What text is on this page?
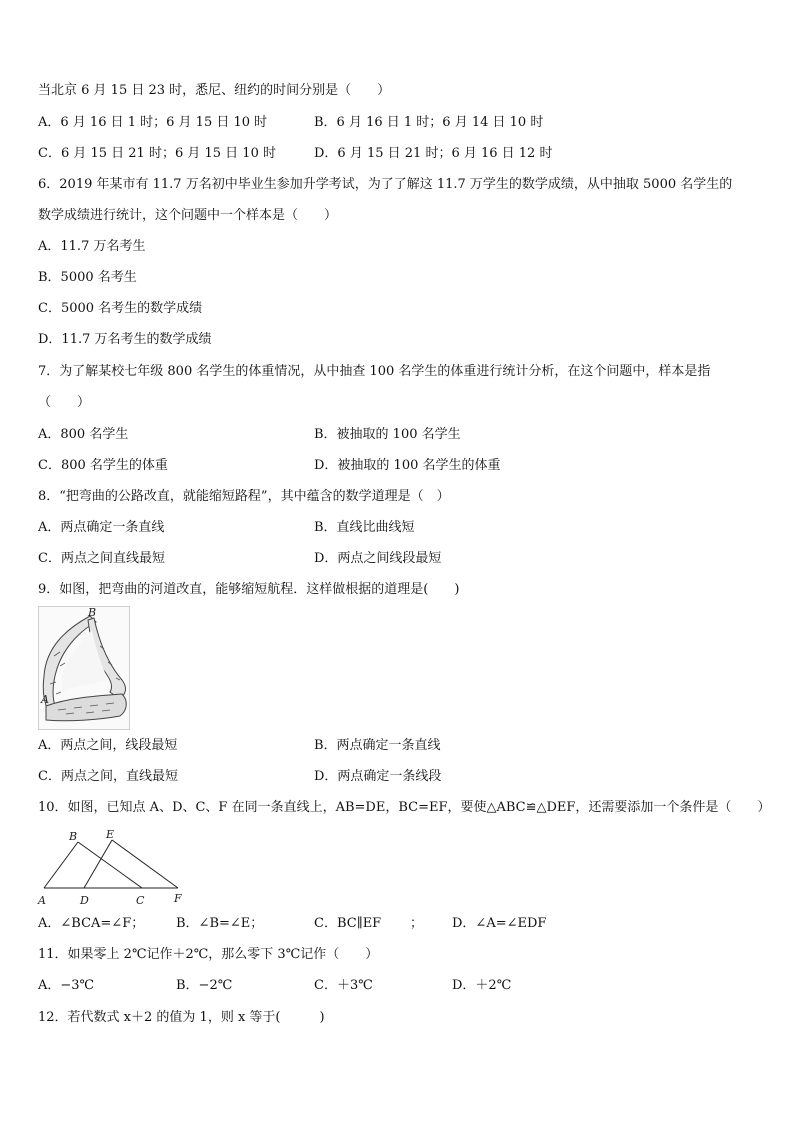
当北京 6 月 15 日 23 时，悉尼、纽约的时间分别是（　　）
A．6 月 16 日 1 时；6 月 15 日 10 时	B．6 月 16 日 1 时；6 月 14 日 10 时
C．6 月 15 日 21 时；6 月 15 日 10 时	D．6 月 15 日 21 时；6 月 16 日 12 时
6．2019 年某市有 11.7 万名初中毕业生参加升学考试，为了了解这 11.7 万学生的数学成绩，从中抽取 5000 名学生的
数学成绩进行统计，这个问题中一个样本是（　　）
A．11.7 万名考生
B．5000 名考生
C．5000 名考生的数学成绩
D．11.7 万名考生的数学成绩
7．为了解某校七年级 800 名学生的体重情况，从中抽查 100 名学生的体重进行统计分析，在这个问题中，样本是指
（　　）
A．800 名学生	B．被抽取的 100 名学生
C．800 名学生的体重	D．被抽取的 100 名学生的体重
8．“把弯曲的公路改直，就能缩短路程”，其中蕴含的数学道理是（　）
A．两点确定一条直线	B．直线比曲线短
C．两点之间直线最短	D．两点之间线段最短
9．如图，把弯曲的河道改直，能够缩短航程．这样做根据的道理是(　　)
B
A
A．两点之间，线段最短	B．两点确定一条直线
C．两点之间，直线最短	D．两点确定一条线段
10．如图，已知点 A、D、C、F 在同一条直线上，AB=DE，BC=EF，要使△ABC≌△DEF，还需要添加一个条件是（　　）
B	E
A	D	C	F
A．∠BCA=∠F； B．∠B=∠E；	C．BC∥EF ； D．∠A=∠EDF
11．如果零上 2℃记作＋2℃，那么零下 3℃记作（　　）
A．−3℃	B．−2℃	C．＋3℃	D．＋2℃
12．若代数式 x＋2 的值为 1，则 x 等于(　　　)
